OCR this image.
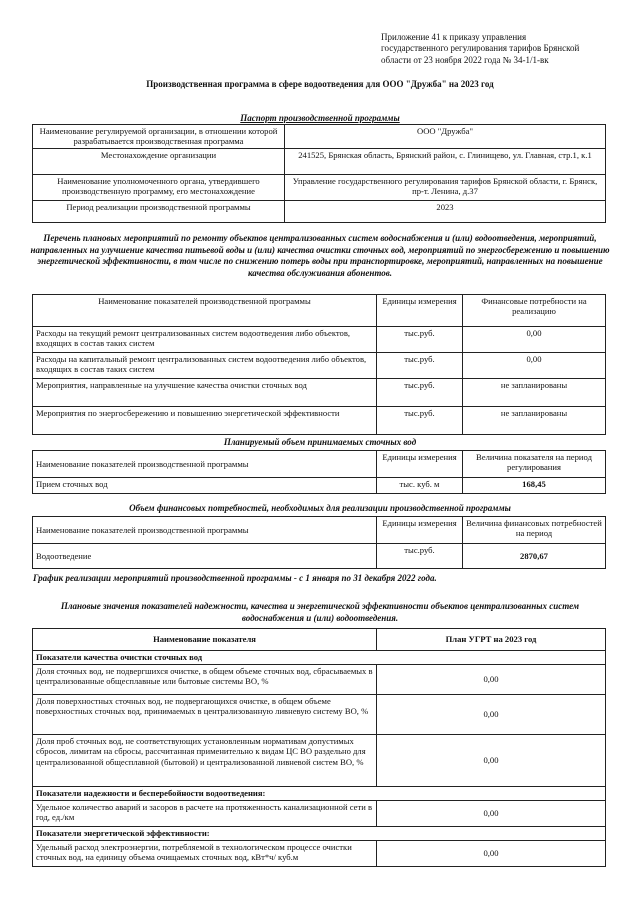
Приложение 41 к приказу управления
государственного регулирования тарифов Брянской
области от 23 ноября 2022 года № 34-1/1-вк
Производственная программа в сфере водоотведения для ООО "Дружба" на 2023 год
Паспорт производственной программы
Наименование регулируемой организации, в отношении которой разрабатывается производственная программа	ООО "Дружба"
Местонахождение организации	241525, Брянская область, Брянский район, с. Глинищево, ул. Главная, стр.1, к.1
Наименование уполномоченного органа, утвердившего производственную программу, его местонахождение	Управление государственного регулирования тарифов Брянской области, г. Брянск, пр-т. Ленина, д.37
Период реализации производственной программы	2023
Перечень плановых мероприятий по ремонту объектов централизованных систем водоснабжения и (или) водоотведения, мероприятий, направленных на улучшение качества питьевой воды и (или) качества очистки сточных вод, мероприятий по энергосбережению и повышению энергетической эффективности, в том числе по снижению потерь воды при транспортировке, мероприятий, направленных на повышение качества обслуживания абонентов.
Наименование показателей производственной программы	Единицы измерения	Финансовые потребности на реализацию
Расходы на текущий ремонт централизованных систем водоотведения либо объектов, входящих в состав таких систем	тыс.руб.	0,00
Расходы на капитальный ремонт централизованных систем водоотведения либо объектов, входящих в состав таких систем	тыс.руб.	0,00
Мероприятия, направленные на улучшение качества очистки сточных вод	тыс.руб.	не запланированы
Мероприятия по энергосбережению и повышению энергетической эффективности	тыс.руб.	не запланированы
Планируемый объем принимаемых сточных вод
Наименование показателей производственной программы	Единицы измерения	Величина показателя на период регулирования
Прием сточных вод	тыс. куб. м	168,45
Объем финансовых потребностей, необходимых для реализации производственной программы
Наименование показателей производственной программы	Единицы измерения	Величина финансовых потребностей на период
Водоотведение	тыс.руб.	2870,67
График реализации мероприятий производственной программы - с 1 января по 31 декабря 2022 года.
Плановые значения показателей надежности, качества и энергетической эффективности объектов централизованных систем водоснабжения и (или) водоотведения.
Наименование показателя	План УГРТ на 2023 год
Показатели качества очистки сточных вод	
Доля сточных вод, не подвергшихся очистке, в общем объеме сточных вод, сбрасываемых в централизованные общесплавные или бытовые системы ВО, %	0,00
Доля поверхностных сточных вод, не подвергающихся очистке, в общем объеме поверхностных сточных вод, принимаемых в централизованную ливневую систему ВО, %	0,00
Доля проб сточных вод, не соответствующих установленным нормативам допустимых сбросов, лимитам на сбросы, рассчитанная применительно к видам ЦС ВО раздельно для централизованной общесплавной (бытовой) и централизованной ливневой систем ВО, %	0,00
Показатели надежности и бесперебойности водоотведения:	
Удельное количество аварий и засоров в расчете на протяженность канализационной сети в год, ед./км	0,00
Показатели энергетической эффективности:	
Удельный расход электроэнергии, потребляемой в технологическом процессе очистки сточных вод, на единицу объема очищаемых сточных вод, кВт*ч/ куб.м	0,00
